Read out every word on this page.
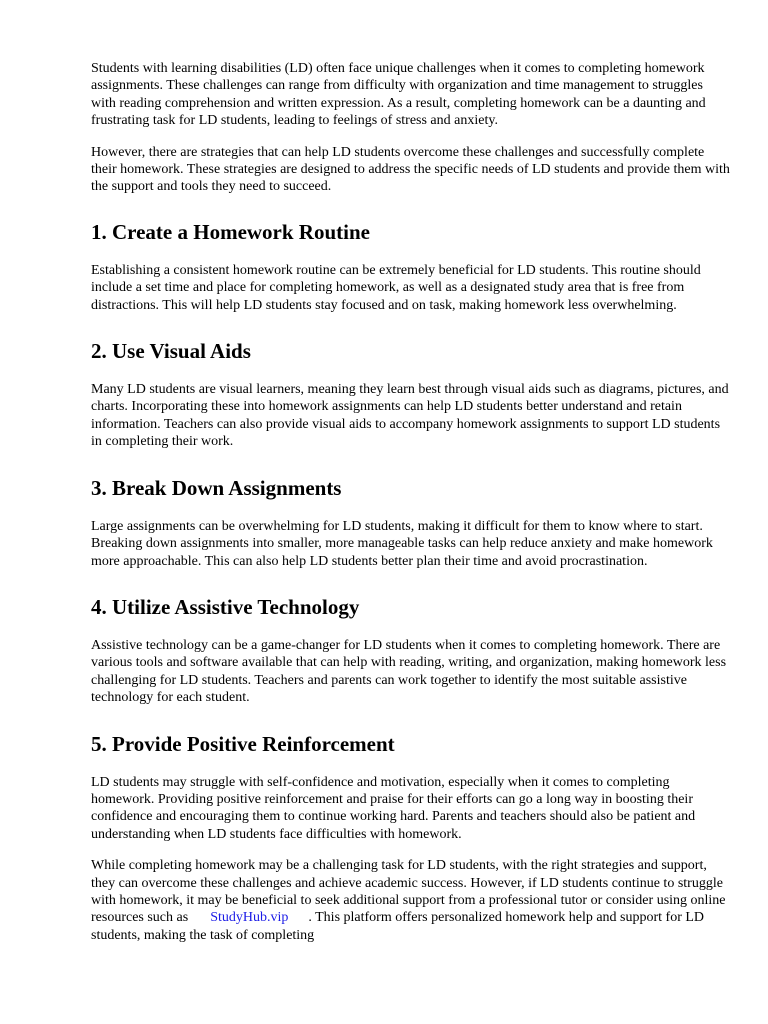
Students with learning disabilities (LD) often face unique challenges when it comes to completing homework assignments. These challenges can range from difficulty with organization and time management to struggles with reading comprehension and written expression. As a result, completing homework can be a daunting and frustrating task for LD students, leading to feelings of stress and anxiety.

However, there are strategies that can help LD students overcome these challenges and successfully complete their homework. These strategies are designed to address the specific needs of LD students and provide them with the support and tools they need to succeed.

1. Create a Homework Routine

Establishing a consistent homework routine can be extremely beneficial for LD students. This routine should include a set time and place for completing homework, as well as a designated study area that is free from distractions. This will help LD students stay focused and on task, making homework less overwhelming.

2. Use Visual Aids

Many LD students are visual learners, meaning they learn best through visual aids such as diagrams, pictures, and charts. Incorporating these into homework assignments can help LD students better understand and retain information. Teachers can also provide visual aids to accompany homework assignments to support LD students in completing their work.

3. Break Down Assignments

Large assignments can be overwhelming for LD students, making it difficult for them to know where to start. Breaking down assignments into smaller, more manageable tasks can help reduce anxiety and make homework more approachable. This can also help LD students better plan their time and avoid procrastination.

4. Utilize Assistive Technology

Assistive technology can be a game-changer for LD students when it comes to completing homework. There are various tools and software available that can help with reading, writing, and organization, making homework less challenging for LD students. Teachers and parents can work together to identify the most suitable assistive technology for each student.

5. Provide Positive Reinforcement

LD students may struggle with self-confidence and motivation, especially when it comes to completing homework. Providing positive reinforcement and praise for their efforts can go a long way in boosting their confidence and encouraging them to continue working hard. Parents and teachers should also be patient and understanding when LD students face difficulties with homework.

While completing homework may be a challenging task for LD students, with the right strategies and support, they can overcome these challenges and achieve academic success. However, if LD students continue to struggle with homework, it may be beneficial to seek additional support from a professional tutor or consider using online resources such as StudyHub.vip . This platform offers personalized homework help and support for LD students, making the task of completing
